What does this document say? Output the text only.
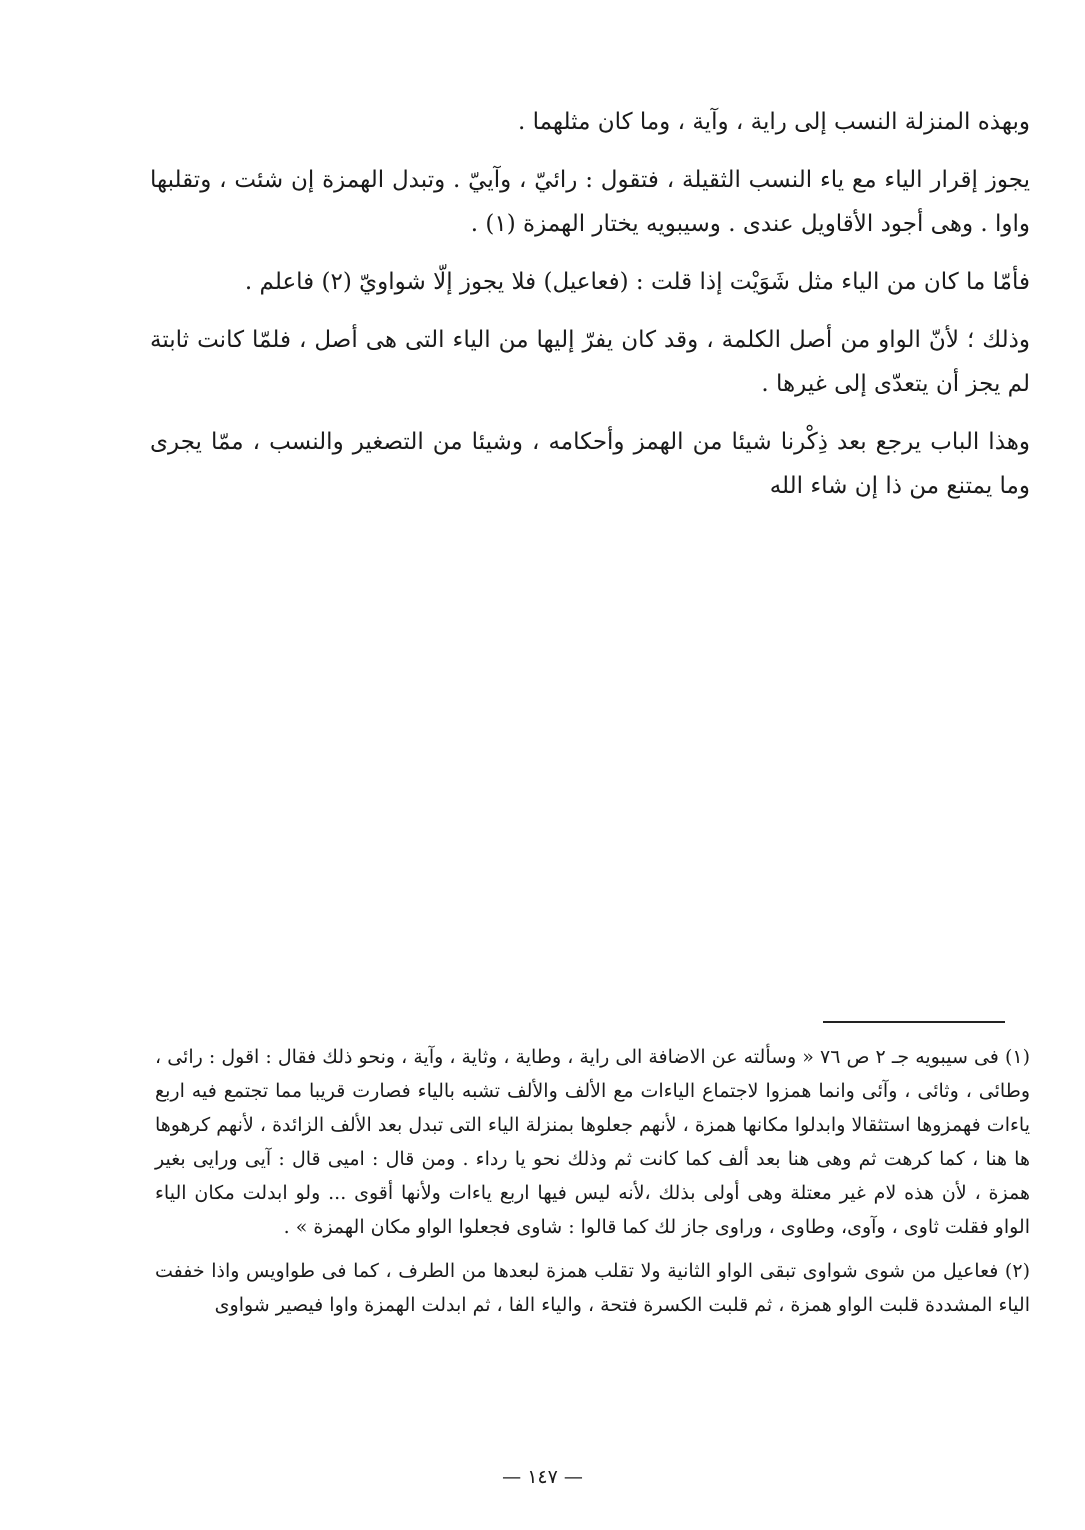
وبهذه المنزلة النسب إلى راية ، وآية ، وما كان مثلهما .

يجوز إقرار الياء مع ياء النسب الثقيلة ، فتقول : رائيّ ، وآييّ . وتبدل الهمزة إن شئت ، وتقلبها واوا . وهى أجود الأقاويل عندى . وسيبويه يختار الهمزة (١) .

فأمّا ما كان من الياء مثل شَوَيْت إذا قلت : (فعاعيل) فلا يجوز إلّا شواويّ (٢) فاعلم .

وذلك ؛ لأنّ الواو من أصل الكلمة ، وقد كان يفرّ إليها من الياء التى هى أصل ، فلمّا كانت ثابتة لم يجز أن يتعدّى إلى غيرها .

وهذا الباب يرجع بعد ذِكْرنا شيئا من الهمز وأحكامه ، وشيئا من التصغير والنسب ، ممّا يجرى وما يمتنع من ذا إن شاء الله

(١) فى سيبويه جـ ٢ ص ٧٦ « وسألته عن الاضافة الى راية ، وطاية ، وثاية ، وآية ، ونحو ذلك فقال : اقول : رائى ، وطائى ، وثائى ، وآئى وانما همزوا لاجتماع الياءات مع الألف والألف تشبه بالياء فصارت قريبا مما تجتمع فيه اربع ياءات فهمزوها استثقالا وابدلوا مكانها همزة ، لأنهم جعلوها بمنزلة الياء التى تبدل بعد الألف الزائدة ، لأنهم كرهوها ها هنا ، كما كرهت ثم وهى هنا بعد ألف كما كانت ثم وذلك نحو يا رداء . ومن قال : اميى قال : آيى ورايى بغير همزة ، لأن هذه لام غير معتلة وهى أولى بذلك ،لأنه ليس فيها اربع ياءات ولأنها أقوى ... ولو ابدلت مكان الياء الواو فقلت ثاوى ، وآوى، وطاوى ، وراوى جاز لك كما قالوا : شاوى فجعلوا الواو مكان الهمزة » .

(٢) فعاعيل من شوى شواوى تبقى الواو الثانية ولا تقلب همزة لبعدها من الطرف ، كما فى طواويس واذا خففت الياء المشددة قلبت الواو همزة ، ثم قلبت الكسرة فتحة ، والياء الفا ، ثم ابدلت الهمزة واوا فيصير شواوى

— ١٤٧ —
